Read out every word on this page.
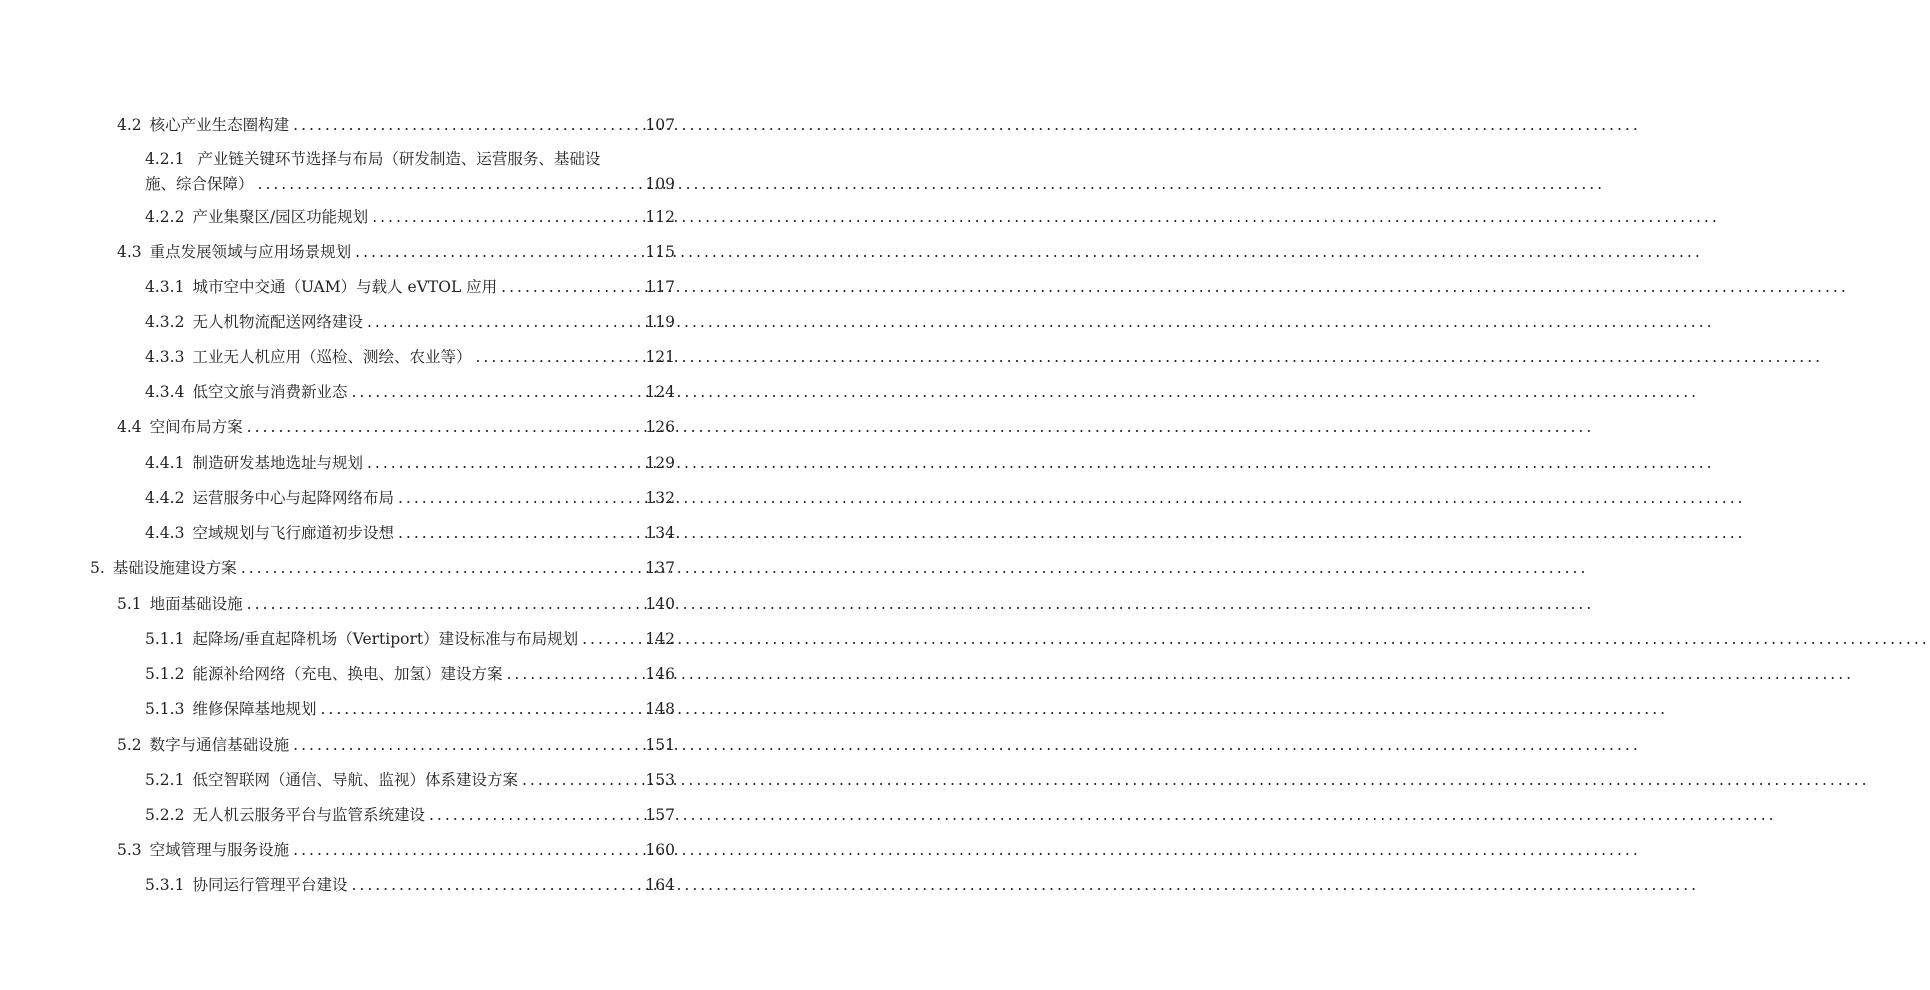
4.2 核心产业生态圈构建 .....	107
4.2.1 产业链关键环节选择与布局（研发制造、运营服务、基础设
施、综合保障） .....	109
4.2.2 产业集聚区/园区功能规划 .....	112
4.3 重点发展领域与应用场景规划 .....	115
4.3.1 城市空中交通（UAM）与载人 eVTOL 应用 .....	117
4.3.2 无人机物流配送网络建设 .....	119
4.3.3 工业无人机应用（巡检、测绘、农业等） .....	121
4.3.4 低空文旅与消费新业态 .....	124
4.4 空间布局方案 .....	126
4.4.1 制造研发基地选址与规划 .....	129
4.4.2 运营服务中心与起降网络布局 .....	132
4.4.3 空域规划与飞行廊道初步设想 .....	134
5. 基础设施建设方案 .....	137
5.1 地面基础设施 .....	140
5.1.1 起降场/垂直起降机场（Vertiport）建设标准与布局规划 .....	142
5.1.2 能源补给网络（充电、换电、加氢）建设方案 .....	146
5.1.3 维修保障基地规划 .....	148
5.2 数字与通信基础设施 .....	151
5.2.1 低空智联网（通信、导航、监视）体系建设方案 .....	153
5.2.2 无人机云服务平台与监管系统建设 .....	157
5.3 空域管理与服务设施 .....	160
5.3.1 协同运行管理平台建设 .....	164
